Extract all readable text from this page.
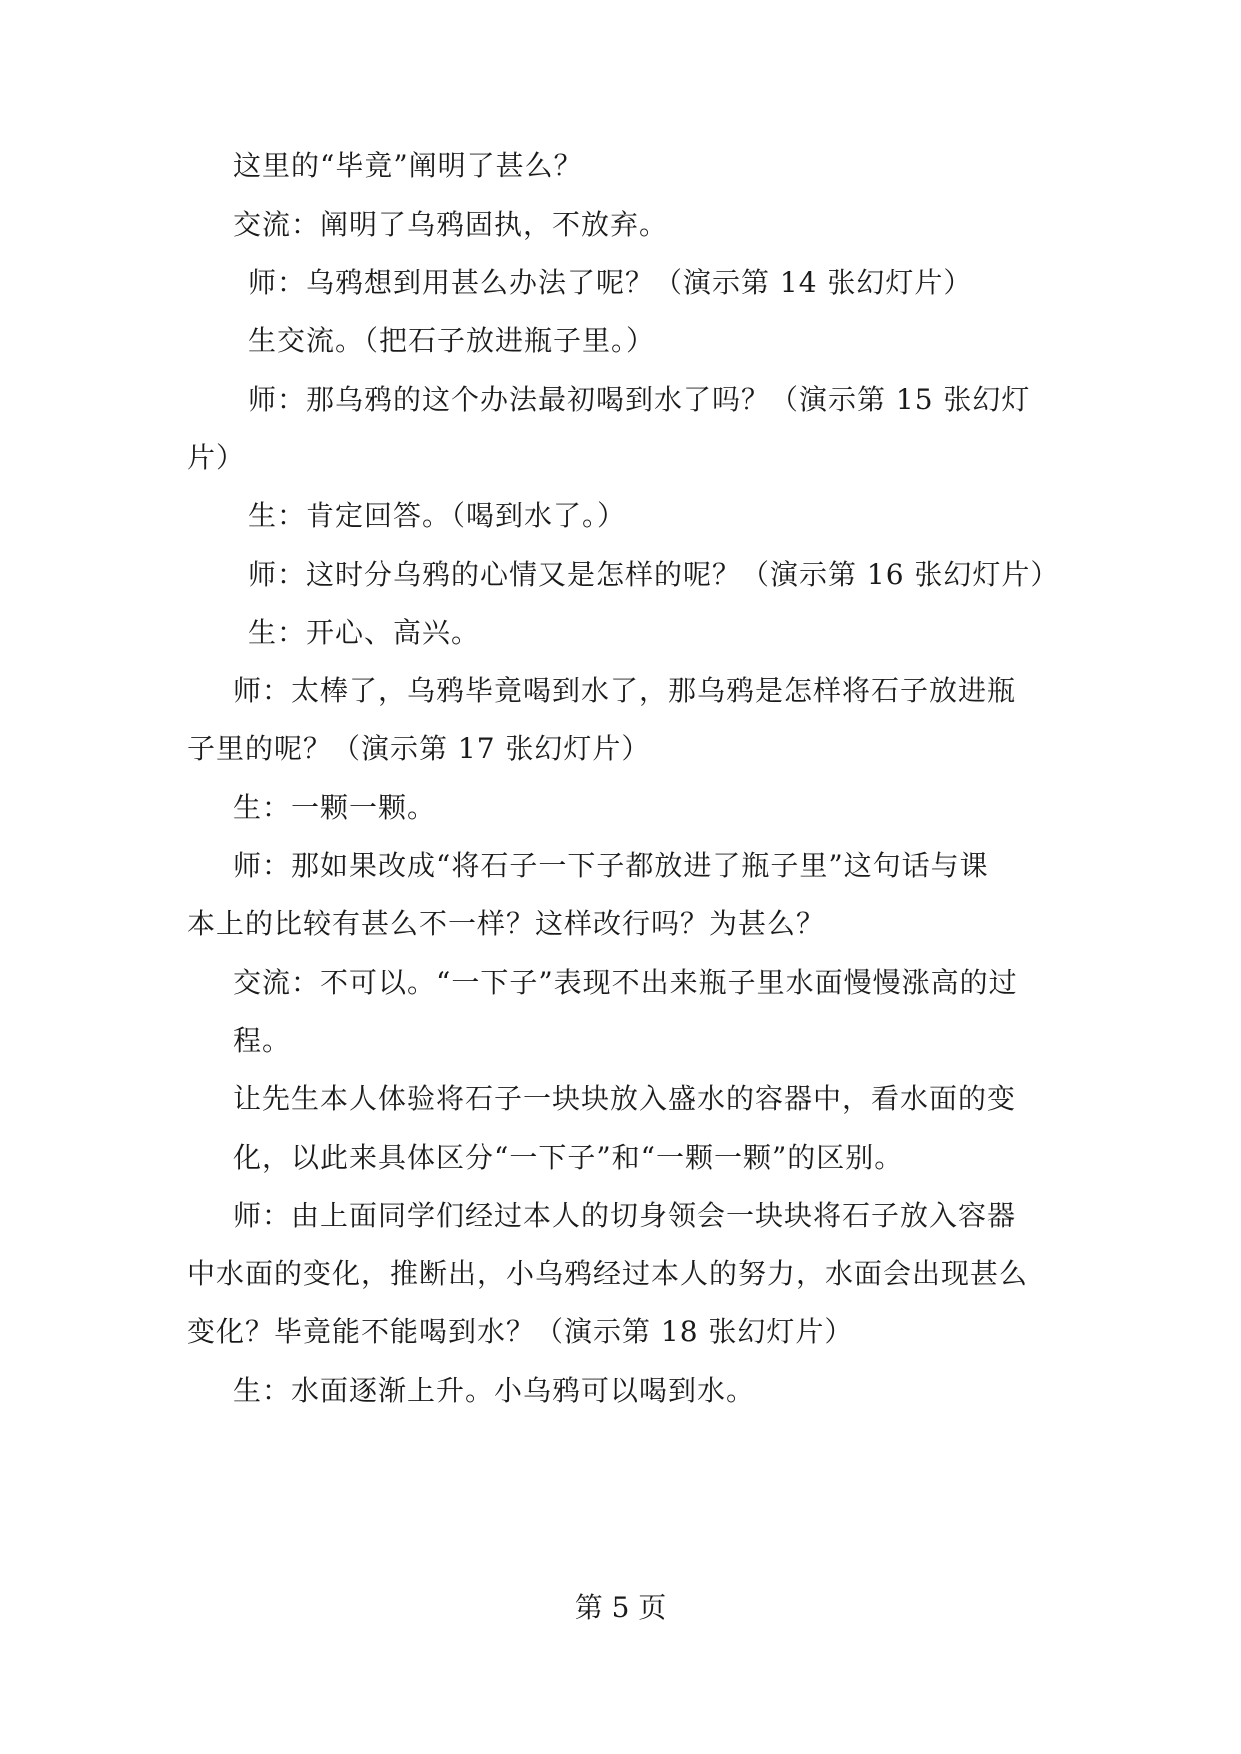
这里的“毕竟”阐明了甚么？
交流：阐明了乌鸦固执，不放弃。
师：乌鸦想到用甚么办法了呢？（演示第 14 张幻灯片）
生交流。（把石子放进瓶子里。）
师：那乌鸦的这个办法最初喝到水了吗？（演示第 15 张幻灯
片）
生：肯定回答。（喝到水了。）
师：这时分乌鸦的心情又是怎样的呢？（演示第 16 张幻灯片）
生：开心、高兴。
师：太棒了，乌鸦毕竟喝到水了，那乌鸦是怎样将石子放进瓶
子里的呢？（演示第 17 张幻灯片）
生：一颗一颗。
师：那如果改成“将石子一下子都放进了瓶子里”这句话与课
本上的比较有甚么不一样？这样改行吗？为甚么？
交流：不可以。“一下子”表现不出来瓶子里水面慢慢涨高的过
程。
让先生本人体验将石子一块块放入盛水的容器中，看水面的变
化，以此来具体区分“一下子”和“一颗一颗”的区别。
师：由上面同学们经过本人的切身领会一块块将石子放入容器
中水面的变化，推断出，小乌鸦经过本人的努力，水面会出现甚么
变化？毕竟能不能喝到水？（演示第 18 张幻灯片）
生：水面逐渐上升。小乌鸦可以喝到水。
第 5 页
